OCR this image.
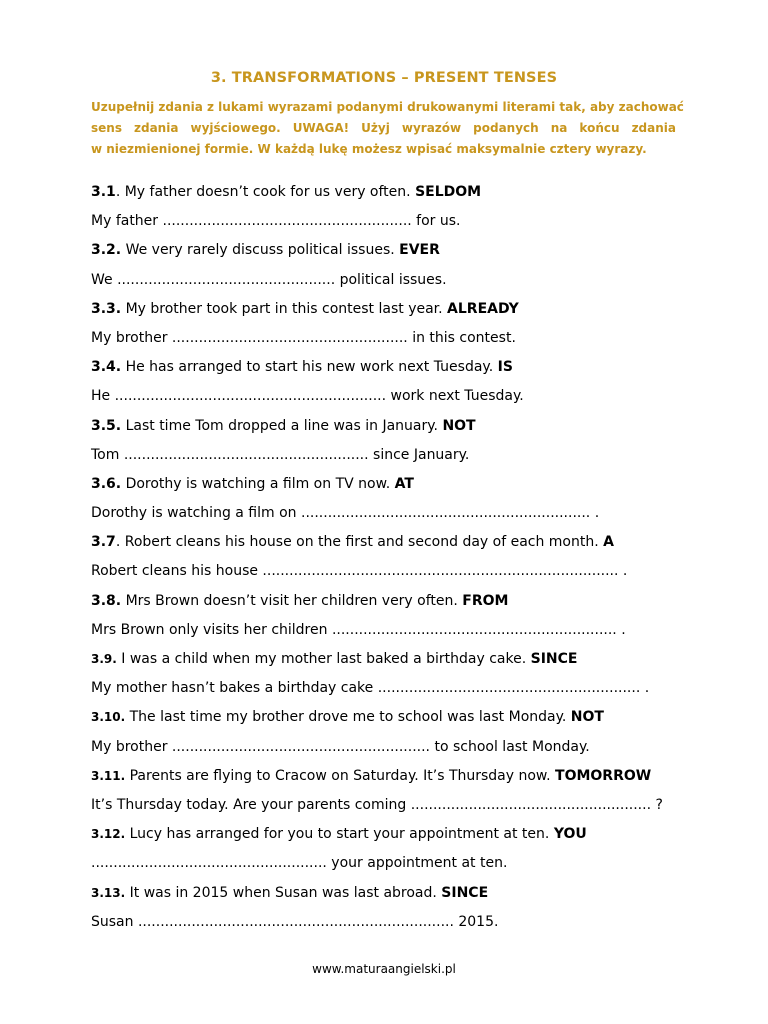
3. TRANSFORMATIONS – PRESENT TENSES
Uzupełnij zdania z lukami wyrazami podanymi drukowanymi literami tak, aby zachować
sens zdania wyjściowego. UWAGA! Użyj wyrazów podanych na końcu zdania
w niezmienionej formie. W każdą lukę możesz wpisać maksymalnie cztery wyrazy.
3.1. My father doesn’t cook for us very often. SELDOM
My father ........................................................ for us.
3.2. We very rarely discuss political issues. EVER
We ................................................. political issues.
3.3. My brother took part in this contest last year. ALREADY
My brother ..................................................... in this contest.
3.4. He has arranged to start his new work next Tuesday. IS
He ............................................................. work next Tuesday.
3.5. Last time Tom dropped a line was in January. NOT
Tom ....................................................... since January.
3.6. Dorothy is watching a film on TV now. AT
Dorothy is watching a film on ................................................................. .
3.7. Robert cleans his house on the first and second day of each month. A
Robert cleans his house ................................................................................ .
3.8. Mrs Brown doesn’t visit her children very often. FROM
Mrs Brown only visits her children ................................................................ .
3.9. I was a child when my mother last baked a birthday cake. SINCE
My mother hasn’t bakes a birthday cake ........................................................... .
3.10. The last time my brother drove me to school was last Monday. NOT
My brother .......................................................... to school last Monday.
3.11. Parents are flying to Cracow on Saturday. It’s Thursday now. TOMORROW
It’s Thursday today. Are your parents coming ...................................................... ?
3.12. Lucy has arranged for you to start your appointment at ten. YOU
..................................................... your appointment at ten.
3.13. It was in 2015 when Susan was last abroad. SINCE
Susan ....................................................................... 2015.
www.maturaangielski.pl
